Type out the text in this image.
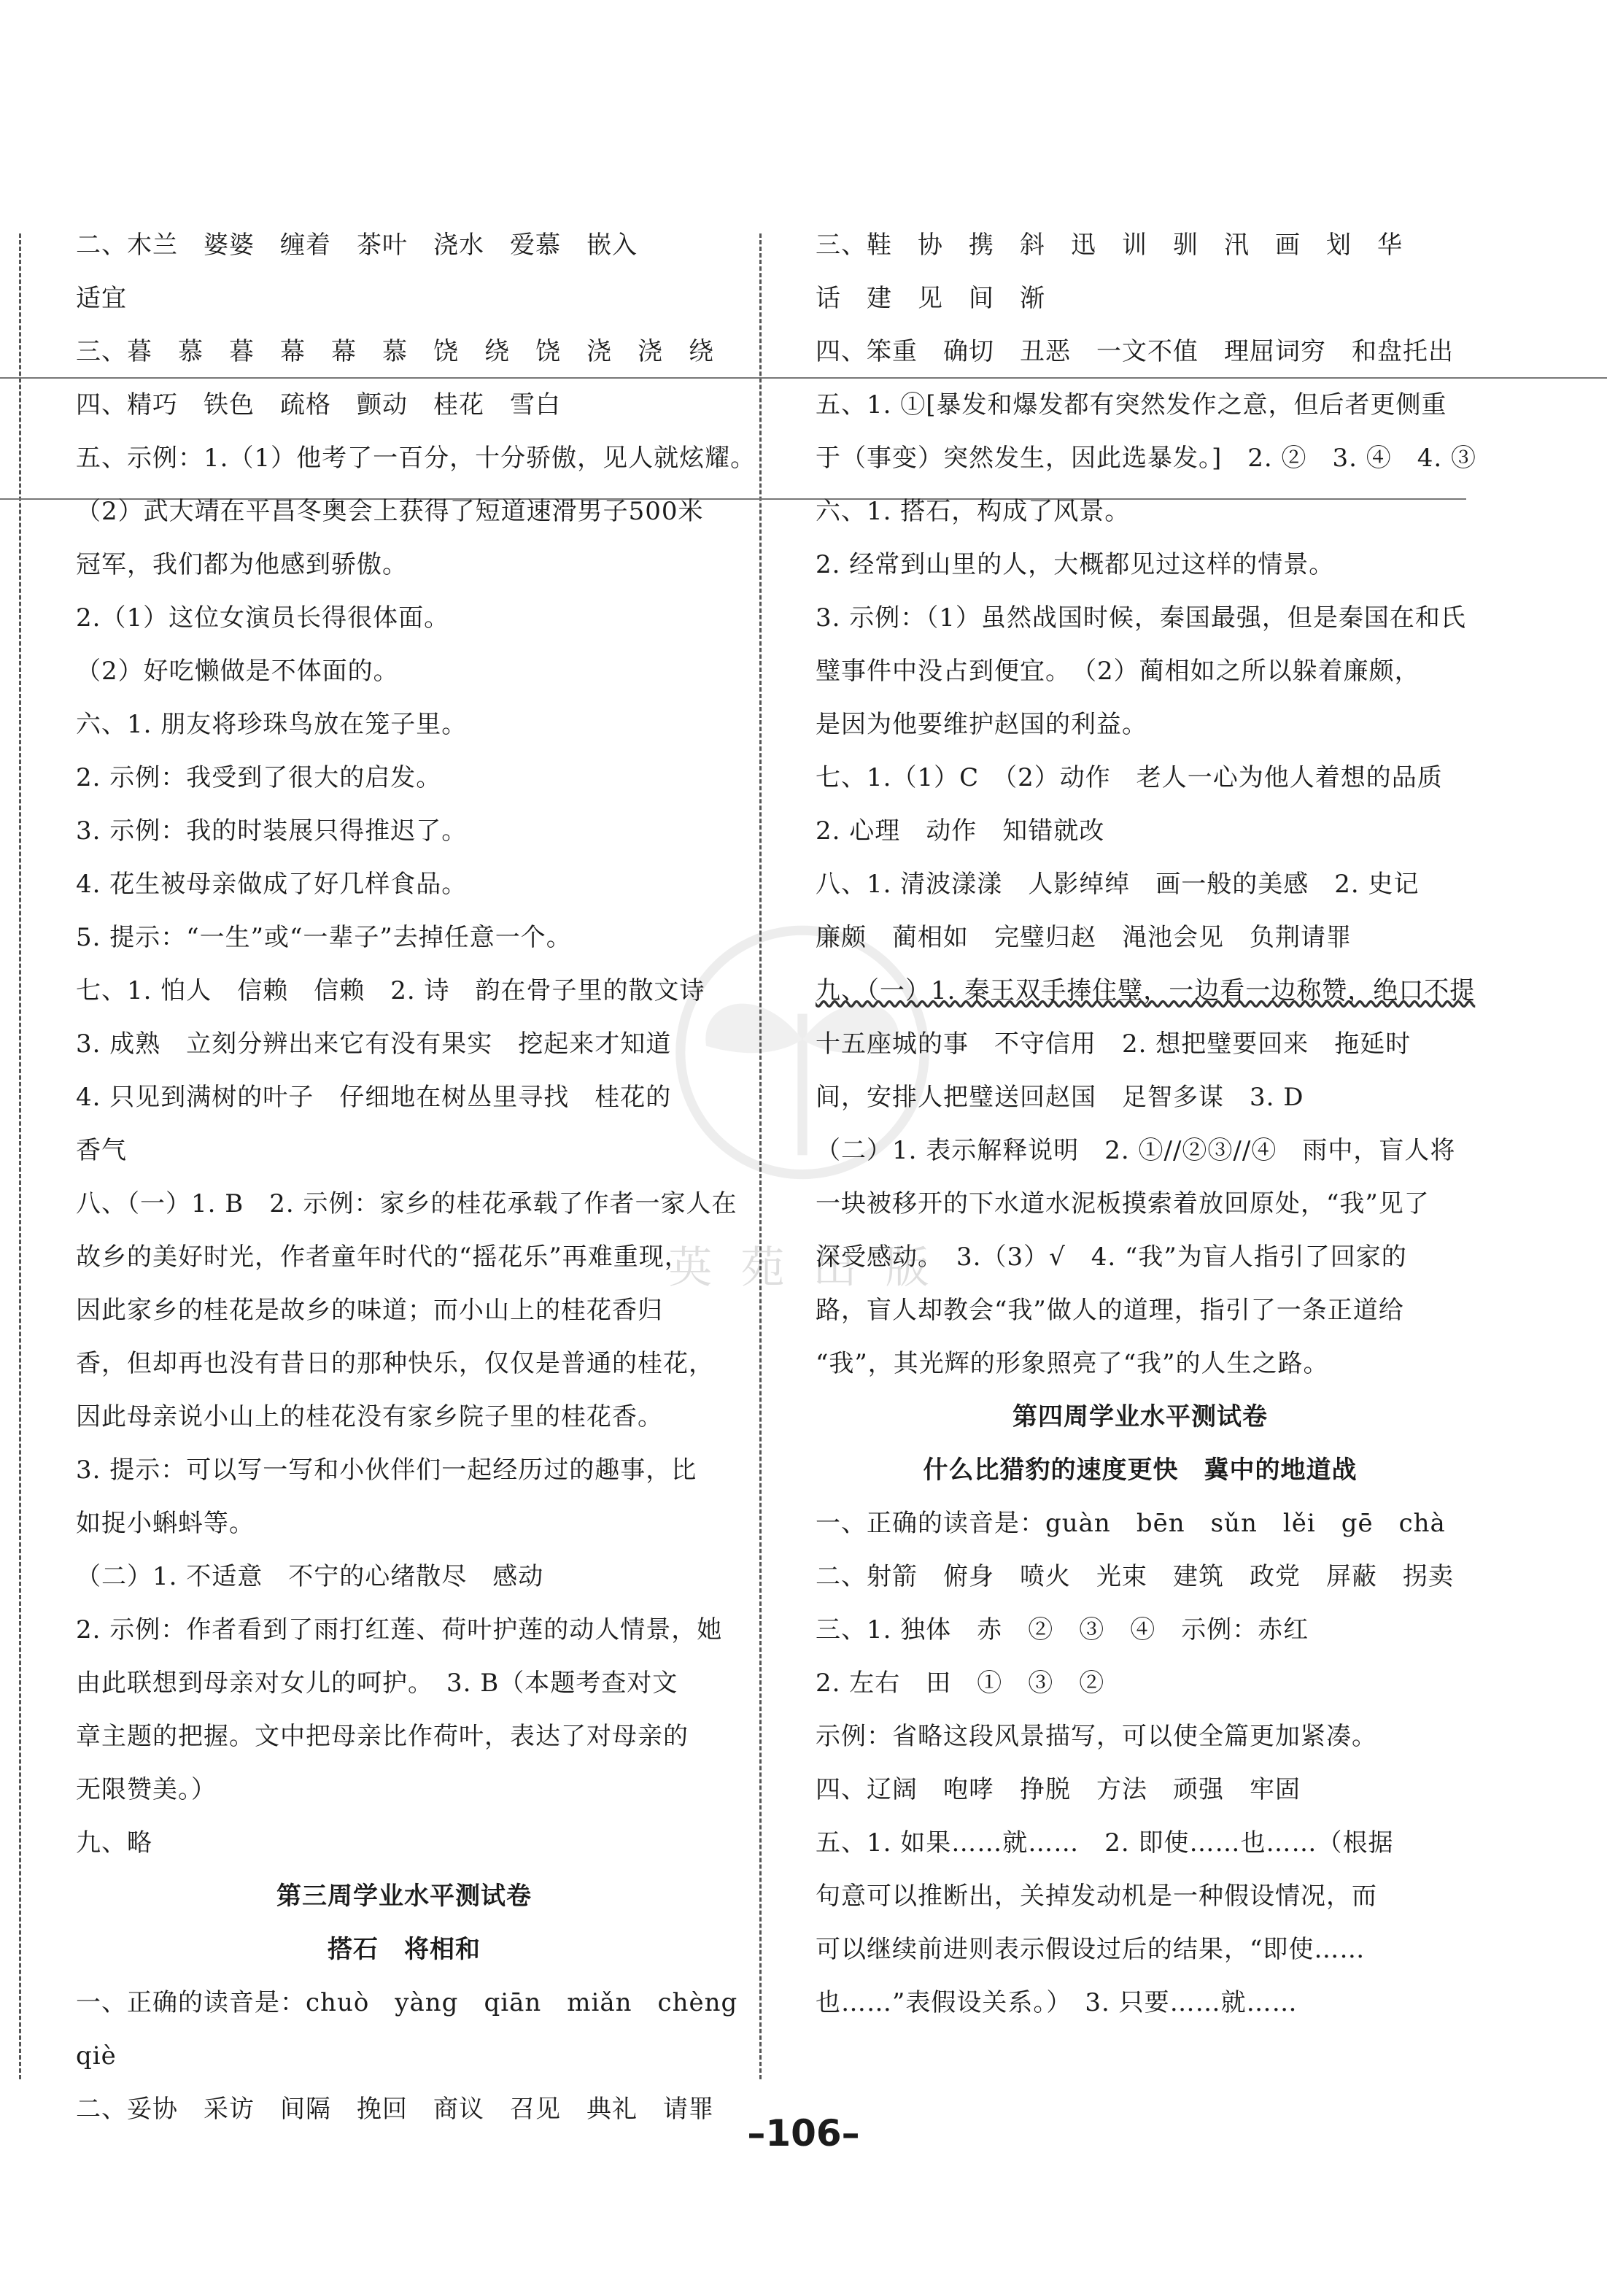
英 苑 出 版
二、木兰　婆婆　缠着　茶叶　浇水　爱慕　嵌入
适宜
三、暮　慕　暮　幕　幕　慕　饶　绕　饶　浇　浇　绕
四、精巧　铁色　疏格　颤动　桂花　雪白
五、示例：1.（1）他考了一百分，十分骄傲，见人就炫耀。
（2）武大靖在平昌冬奥会上获得了短道速滑男子500米
冠军，我们都为他感到骄傲。
2.（1）这位女演员长得很体面。
（2）好吃懒做是不体面的。
六、1. 朋友将珍珠鸟放在笼子里。
2. 示例：我受到了很大的启发。
3. 示例：我的时装展只得推迟了。
4. 花生被母亲做成了好几样食品。
5. 提示：“一生”或“一辈子”去掉任意一个。
七、1. 怕人　信赖　信赖　2. 诗　韵在骨子里的散文诗
3. 成熟　立刻分辨出来它有没有果实　挖起来才知道
4. 只见到满树的叶子　仔细地在树丛里寻找　桂花的
香气
八、（一）1. B　2. 示例：家乡的桂花承载了作者一家人在
故乡的美好时光，作者童年时代的“摇花乐”再难重现，
因此家乡的桂花是故乡的味道；而小山上的桂花香归
香，但却再也没有昔日的那种快乐，仅仅是普通的桂花，
因此母亲说小山上的桂花没有家乡院子里的桂花香。
3. 提示：可以写一写和小伙伴们一起经历过的趣事，比
如捉小蝌蚪等。
（二）1. 不适意　不宁的心绪散尽　感动
2. 示例：作者看到了雨打红莲、荷叶护莲的动人情景，她
由此联想到母亲对女儿的呵护。　3. B（本题考查对文
章主题的把握。文中把母亲比作荷叶，表达了对母亲的
无限赞美。）
九、略
第三周学业水平测试卷
搭石　将相和
一、正确的读音是：chuò　yàng　qiān　miǎn　chèng
qiè
二、妥协　采访　间隔　挽回　商议　召见　典礼　请罪
三、鞋　协　携　斜　迅　训　驯　汛　画　划　华
话　建　见　间　渐
四、笨重　确切　丑恶　一文不值　理屈词穷　和盘托出
五、1. ①[暴发和爆发都有突然发作之意，但后者更侧重
于（事变）突然发生，因此选暴发。]　2. ②　3. ④　4. ③
六、1. 搭石，构成了风景。
2. 经常到山里的人，大概都见过这样的情景。
3. 示例：（1）虽然战国时候，秦国最强，但是秦国在和氏
璧事件中没占到便宜。　（2）蔺相如之所以躲着廉颇，
是因为他要维护赵国的利益。
七、1.（1）C　（2）动作　老人一心为他人着想的品质
2. 心理　动作　知错就改
八、1. 清波漾漾　人影绰绰　画一般的美感　2. 史记
廉颇　蔺相如　完璧归赵　渑池会见　负荆请罪
九、（一）1. 秦王双手捧住璧，一边看一边称赞，绝口不提
十五座城的事　不守信用　2. 想把璧要回来　拖延时
间，安排人把璧送回赵国　足智多谋　3. D
（二）1. 表示解释说明　2. ①//②③//④　雨中，盲人将
一块被移开的下水道水泥板摸索着放回原处，“我”见了
深受感动。　3.（3）√　4. “我”为盲人指引了回家的
路，盲人却教会“我”做人的道理，指引了一条正道给
“我”，其光辉的形象照亮了“我”的人生之路。
第四周学业水平测试卷
什么比猎豹的速度更快　冀中的地道战
一、正确的读音是：guàn　bēn　sǔn　lěi　gē　chà
二、射箭　俯身　喷火　光束　建筑　政党　屏蔽　拐卖
三、1. 独体　赤　②　③　④　示例：赤红
2. 左右　田　①　③　②
示例：省略这段风景描写，可以使全篇更加紧凑。
四、辽阔　咆哮　挣脱　方法　顽强　牢固
五、1. 如果……就……　2. 即使……也……（根据
句意可以推断出，关掉发动机是一种假设情况，而
可以继续前进则表示假设过后的结果，“即使……
也……”表假设关系。）　3. 只要……就……
–106–
